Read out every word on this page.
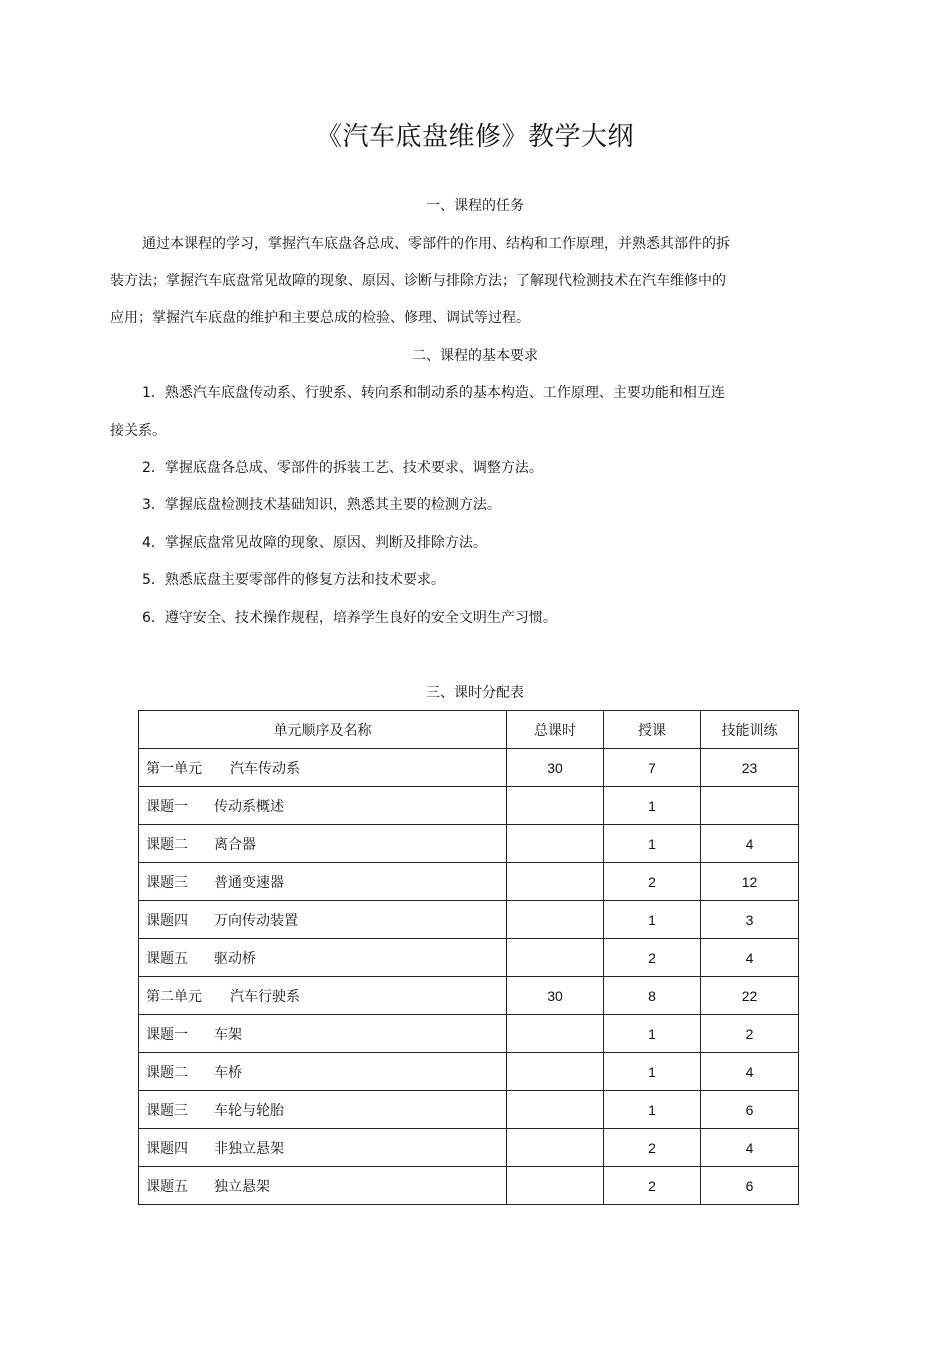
《汽车底盘维修》教学大纲
一、课程的任务
通过本课程的学习，掌握汽车底盘各总成、零部件的作用、结构和工作原理，并熟悉其部件的拆
装方法；掌握汽车底盘常见故障的现象、原因、诊断与排除方法；了解现代检测技术在汽车维修中的
应用；掌握汽车底盘的维护和主要总成的检验、修理、调试等过程。
二、课程的基本要求
1．熟悉汽车底盘传动系、行驶系、转向系和制动系的基本构造、工作原理、主要功能和相互连
接关系。
2．掌握底盘各总成、零部件的拆装工艺、技术要求、调整方法。
3．掌握底盘检测技术基础知识，熟悉其主要的检测方法。
4．掌握底盘常见故障的现象、原因、判断及排除方法。
5．熟悉底盘主要零部件的修复方法和技术要求。
6．遵守安全、技术操作规程，培养学生良好的安全文明生产习惯。
三、课时分配表
单元顺序及名称	总课时	授课	技能训练
第一单元 汽车传动系	30	7	23
课题一 传动系概述		1	
课题二 离合器		1	4
课题三 普通变速器		2	12
课题四 万向传动装置		1	3
课题五 驱动桥		2	4
第二单元 汽车行驶系	30	8	22
课题一 车架		1	2
课题二 车桥		1	4
课题三 车轮与轮胎		1	6
课题四 非独立悬架		2	4
课题五 独立悬架		2	6
